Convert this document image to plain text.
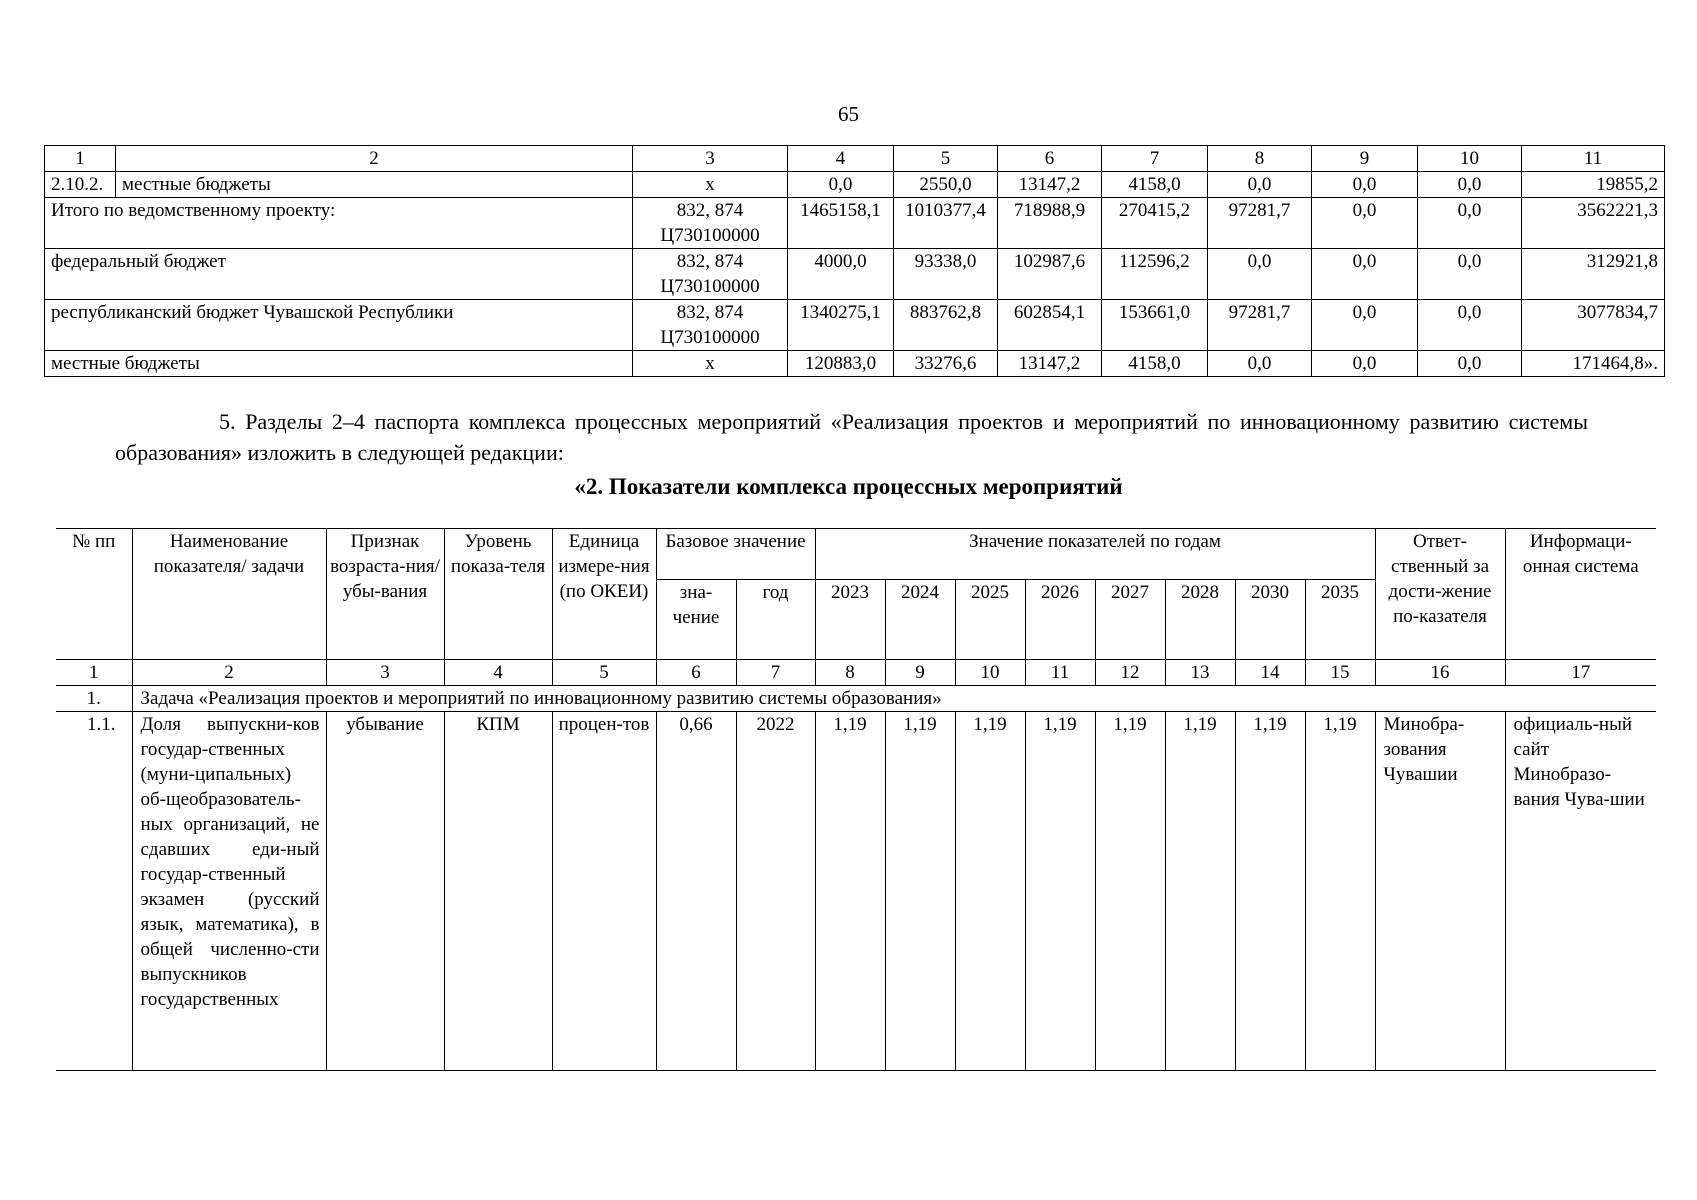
65
1	2	3	4	5	6	7	8	9	10	11
2.10.2.	местные бюджеты	х	0,0	2550,0	13147,2	4158,0	0,0	0,0	0,0	19855,2
Итого по ведомственному проекту:		832, 874 Ц730100000	1465158,1	1010377,4	718988,9	270415,2	97281,7	0,0	0,0	3562221,3
федеральный бюджет		832, 874 Ц730100000	4000,0	93338,0	102987,6	112596,2	0,0	0,0	0,0	312921,8
республиканский бюджет Чувашской Республики		832, 874 Ц730100000	1340275,1	883762,8	602854,1	153661,0	97281,7	0,0	0,0	3077834,7
местные бюджеты		х	120883,0	33276,6	13147,2	4158,0	0,0	0,0	0,0	171464,8».

5. Разделы 2–4 паспорта комплекса процессных мероприятий «Реализация проектов и мероприятий по инновационному развитию системы образования» изложить в следующей редакции:

«2. Показатели комплекса процессных мероприятий
№ пп	Наименование показателя/ задачи	Признак возраста-ния/убы-вания	Уровень показа-теля	Единица измере-ния (по ОКЕИ)	Базовое значение		Значение показателей по годам								Ответ-ственный за дости-жение по-казателя	Информаци-онная система
					зна-чение	год	2023	2024	2025	2026	2027	2028	2030	2035		
1	2	3	4	5	6	7	8	9	10	11	12	13	14	15	16	17
1.	Задача «Реализация проектов и мероприятий по инновационному развитию системы образования»															
1.1.	Доля выпускни-ков государ-ственных (муни-ципальных) об-щеобразователь-ных организаций, не сдавших еди-ный государ-ственный экзамен (русский язык, математика), в общей численно-сти выпускников государственных	убывание	КПМ	процен-тов	0,66	2022	1,19	1,19	1,19	1,19	1,19	1,19	1,19	1,19	Минобра-зования Чувашии	официаль-ный сайт Минобразо-вания Чува-шии
